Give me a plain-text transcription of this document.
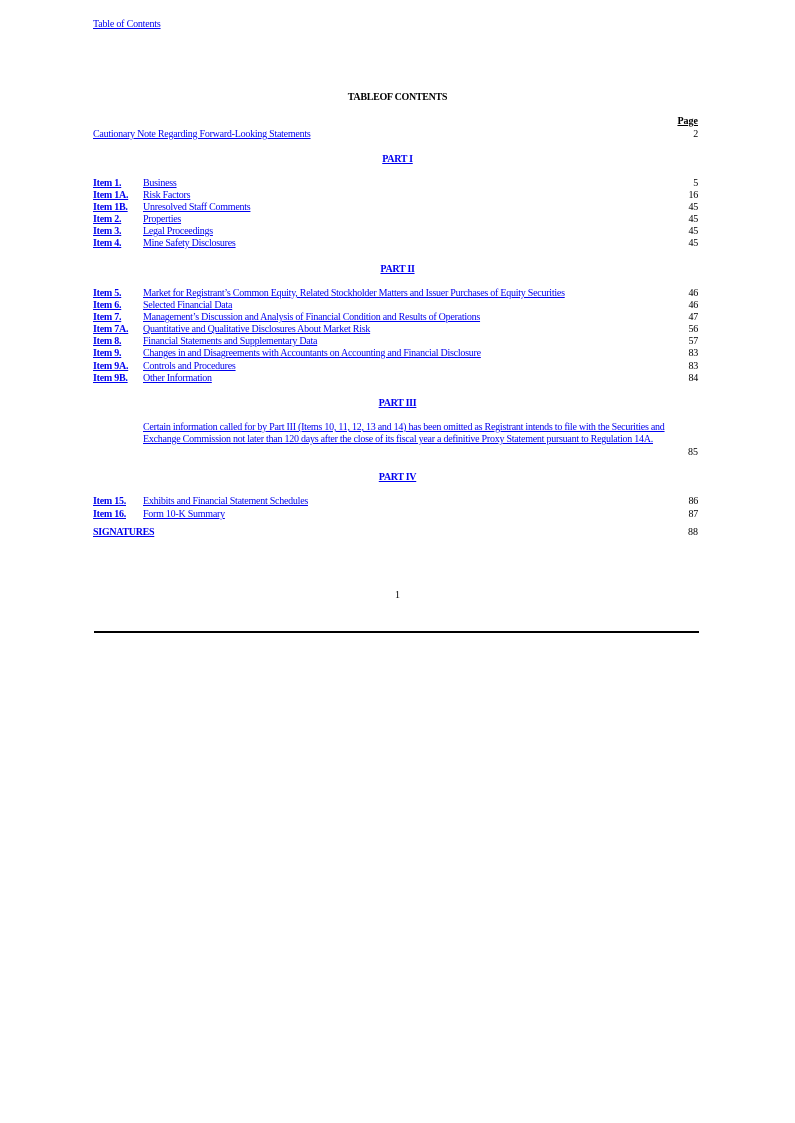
Table of Contents
TABLEOF CONTENTS
Page
Cautionary Note Regarding Forward-Looking Statements	2
PART I
Item 1. Business	5
Item 1A. Risk Factors	16
Item 1B. Unresolved Staff Comments	45
Item 2. Properties	45
Item 3. Legal Proceedings	45
Item 4. Mine Safety Disclosures	45
PART II
Item 5. Market for Registrant’s Common Equity, Related Stockholder Matters and Issuer Purchases of Equity Securities	46
Item 6. Selected Financial Data	46
Item 7. Management’s Discussion and Analysis of Financial Condition and Results of Operations	47
Item 7A. Quantitative and Qualitative Disclosures About Market Risk	56
Item 8. Financial Statements and Supplementary Data	57
Item 9. Changes in and Disagreements with Accountants on Accounting and Financial Disclosure	83
Item 9A. Controls and Procedures	83
Item 9B. Other Information	84
PART III
Certain information called for by Part III (Items 10, 11, 12, 13 and 14) has been omitted as Registrant intends to file with the Securities and Exchange Commission not later than 120 days after the close of its fiscal year a definitive Proxy Statement pursuant to Regulation 14A.
85
PART IV
Item 15. Exhibits and Financial Statement Schedules	86
Item 16. Form 10-K Summary	87
SIGNATURES	88
1
